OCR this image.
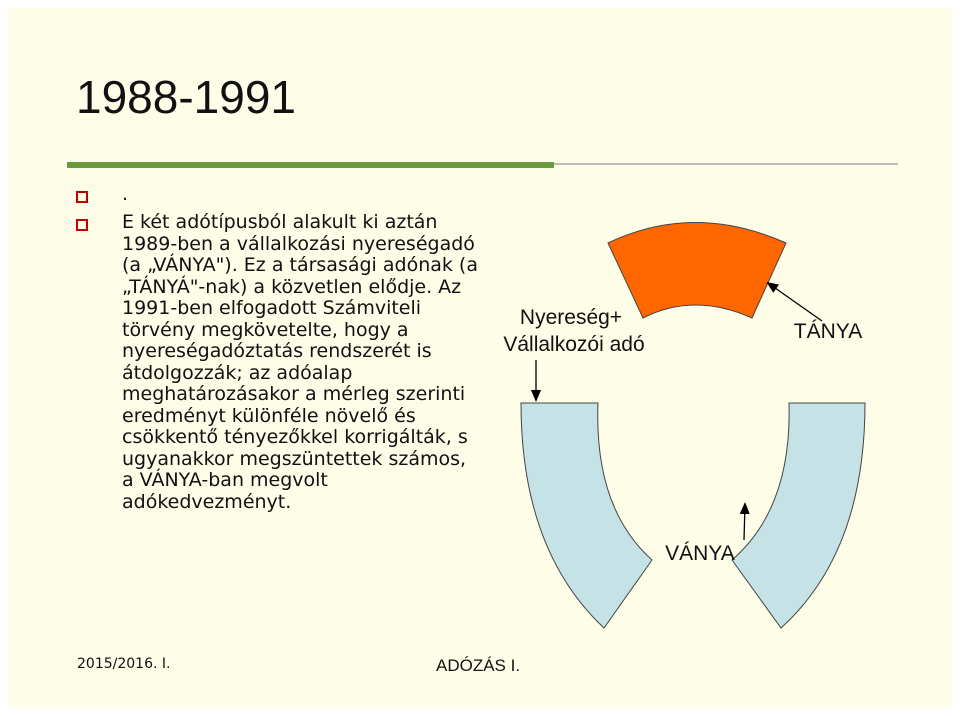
1988-1991

.

E két adótípusból alakult ki aztán 1989-ben a vállalkozási nyereségadó (a „VÁNYA"). Ez a társasági adónak (a „TÁNYÁ"-nak) a közvetlen elődje. Az 1991-ben elfogadott Számviteli törvény megkövetelte, hogy a nyereségadóztatás rendszerét is átdolgozzák; az adóalap meghatározásakor a mérleg szerinti eredményt különféle növelő és csökkentő tényezőkkel korrigálták, s ugyanakkor megszüntettek számos, a VÁNYA-ban megvolt adókedvezményt.

Nyereség+
Vállalkozói adó
TÁNYA
VÁNYA
2015/2016. I.	ADÓZÁS I.
